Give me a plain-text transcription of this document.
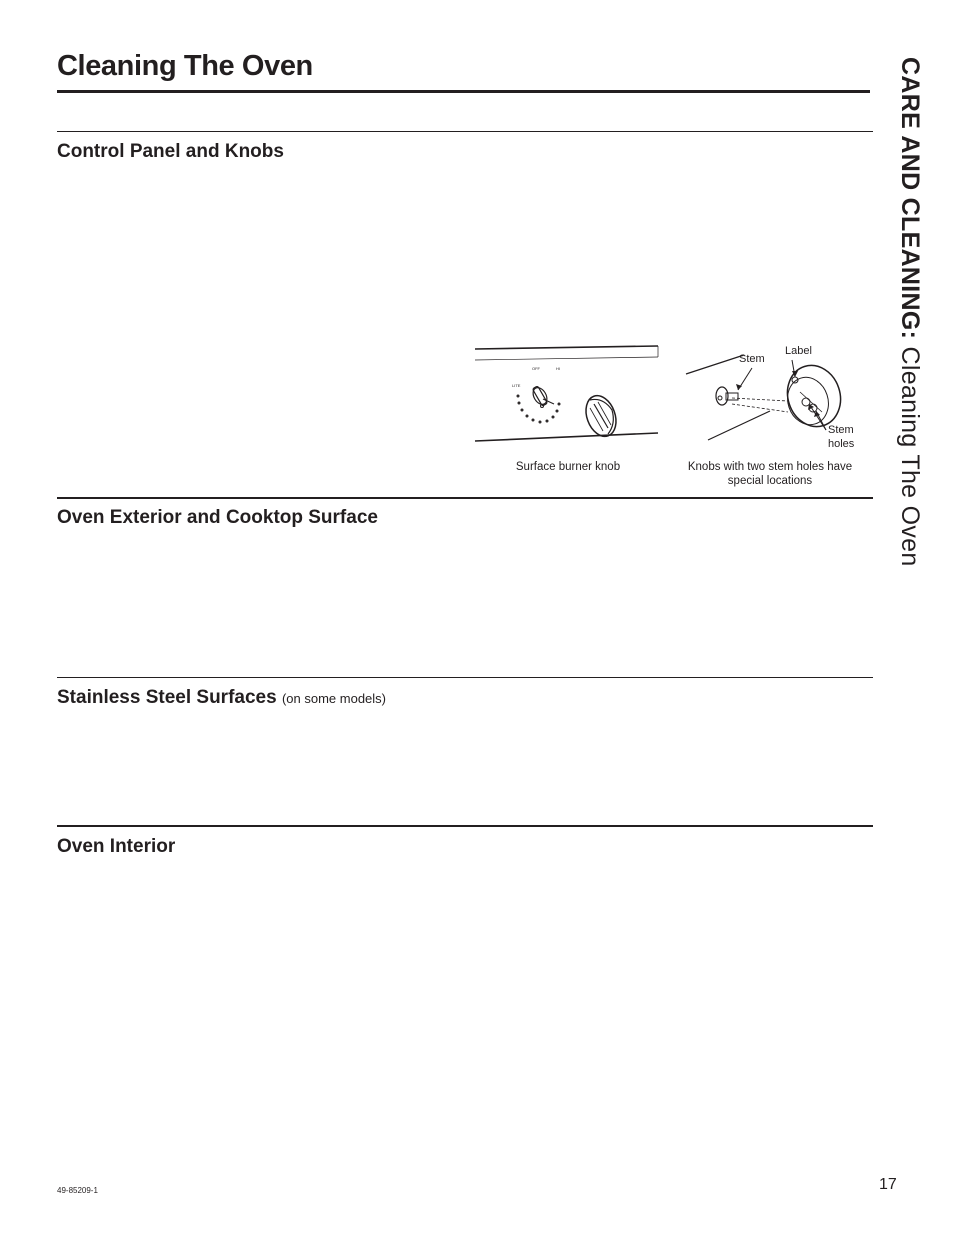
Cleaning The Oven	CARE AND CLEANING: Cleaning The Oven
Control Panel and Knobs
OFF	HI
LITE
Stem
Label
Stem
holes
Surface burner knob	Knobs with two stem holes have
special locations
Oven Exterior and Cooktop Surface
Stainless Steel Surfaces (on some models)
Oven Interior
49-85209-1	17
